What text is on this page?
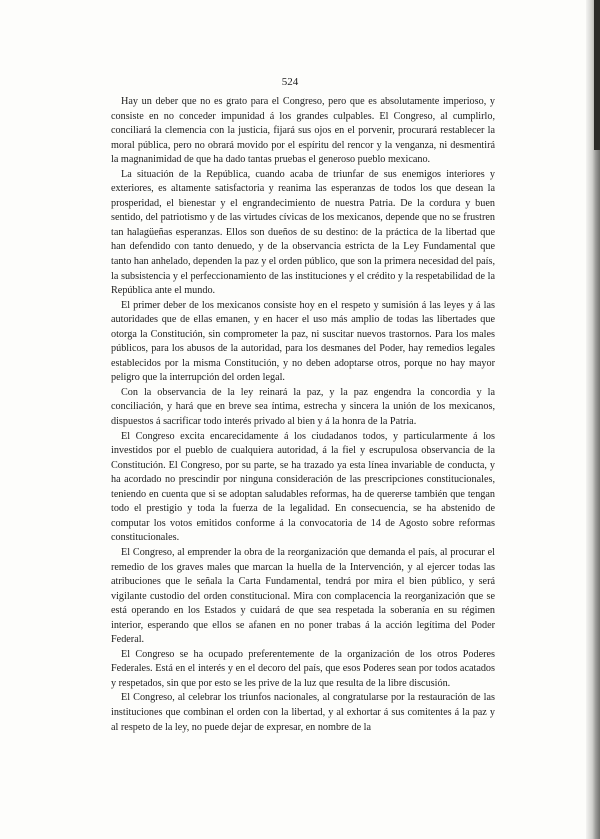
524

Hay un deber que no es grato para el Congreso, pero que es absolutamente imperioso, y consiste en no conceder impunidad á los grandes culpables. El Congreso, al cumplirlo, conciliará la clemencia con la justicia, fijará sus ojos en el porvenir, procurará restablecer la moral pública, pero no obrará movido por el espíritu del rencor y la venganza, ni desmentirá la magnanimidad de que ha dado tantas pruebas el generoso pueblo mexicano.

La situación de la República, cuando acaba de triunfar de sus enemigos interiores y exteriores, es altamente satisfactoria y reanima las esperanzas de todos los que desean la prosperidad, el bienestar y el engrandecimiento de nuestra Patria. De la cordura y buen sentido, del patriotismo y de las virtudes cívicas de los mexicanos, depende que no se frustren tan halagüeñas esperanzas. Ellos son dueños de su destino: de la práctica de la libertad que han defendido con tanto denuedo, y de la observancia estricta de la Ley Fundamental que tanto han anhelado, dependen la paz y el orden público, que son la primera necesidad del país, la subsistencia y el perfeccionamiento de las instituciones y el crédito y la respetabilidad de la República ante el mundo.

El primer deber de los mexicanos consiste hoy en el respeto y sumisión á las leyes y á las autoridades que de ellas emanen, y en hacer el uso más amplio de todas las libertades que otorga la Constitución, sin comprometer la paz, ni suscitar nuevos trastornos. Para los males públicos, para los abusos de la autoridad, para los desmanes del Poder, hay remedios legales establecidos por la misma Constitución, y no deben adoptarse otros, porque no hay mayor peligro que la interrupción del orden legal.

Con la observancia de la ley reinará la paz, y la paz engendra la concordia y la conciliación, y hará que en breve sea íntima, estrecha y sincera la unión de los mexicanos, dispuestos á sacrificar todo interés privado al bien y á la honra de la Patria.

El Congreso excita encarecidamente á los ciudadanos todos, y particularmente á los investidos por el pueblo de cualquiera autoridad, á la fiel y escrupulosa observancia de la Constitución. El Congreso, por su parte, se ha trazado ya esta línea invariable de conducta, y ha acordado no prescindir por ninguna consideración de las prescripciones constitucionales, teniendo en cuenta que si se adoptan saludables reformas, ha de quererse también que tengan todo el prestigio y toda la fuerza de la legalidad. En consecuencia, se ha abstenido de computar los votos emitidos conforme á la convocatoria de 14 de Agosto sobre reformas constitucionales.

El Congreso, al emprender la obra de la reorganización que demanda el país, al procurar el remedio de los graves males que marcan la huella de la Intervención, y al ejercer todas las atribuciones que le señala la Carta Fundamental, tendrá por mira el bien público, y será vigilante custodio del orden constitucional. Mira con complacencia la reorganización que se está operando en los Estados y cuidará de que sea respetada la soberanía en su régimen interior, esperando que ellos se afanen en no poner trabas á la acción legítima del Poder Federal.

El Congreso se ha ocupado preferentemente de la organización de los otros Poderes Federales. Está en el interés y en el decoro del país, que esos Poderes sean por todos acatados y respetados, sin que por esto se les prive de la luz que resulta de la libre discusión.

El Congreso, al celebrar los triunfos nacionales, al congratularse por la restauración de las instituciones que combinan el orden con la libertad, y al exhortar á sus comitentes á la paz y al respeto de la ley, no puede dejar de expresar, en nombre de la
